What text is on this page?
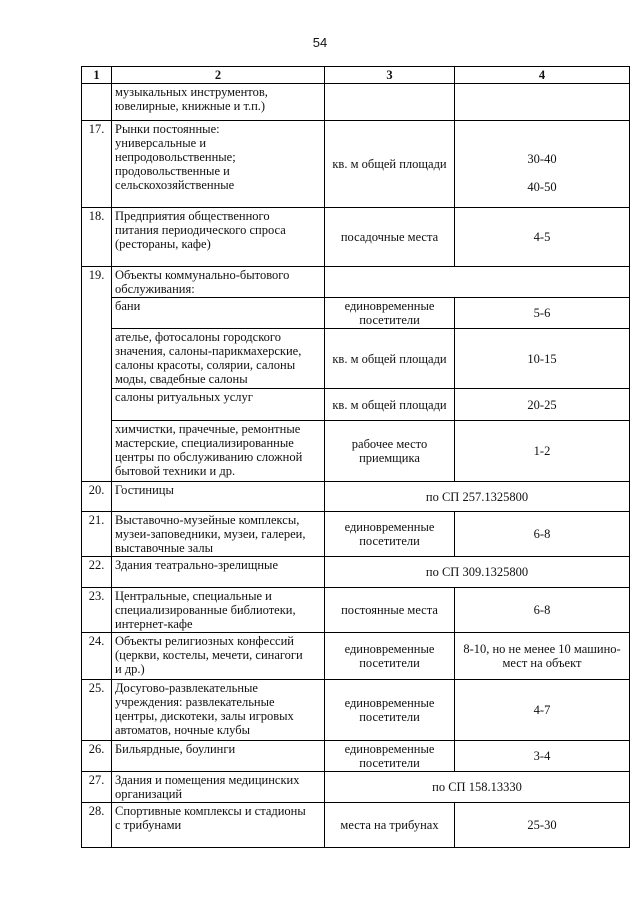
54
1	2	3	4
	музыкальных инструментов,
ювелирные, книжные и т.п.)		
17.	Рынки постоянные:
универсальные и
непродовольственные;
продовольственные и
сельскохозяйственные	кв. м общей площади	30-40
40-50

18.	Предприятия общественного
питания периодического спроса
(рестораны, кафе)	посадочные места	4-5
19.	Объекты коммунально-бытового
обслуживания:		
	бани	единовременные посетители	5-6
	ателье, фотосалоны городского
значения, салоны-парикмахерские,
салоны красоты, солярии, салоны
моды, свадебные салоны	кв. м общей площади	10-15
	салоны ритуальных услуг	кв. м общей площади	20-25
	химчистки, прачечные, ремонтные
мастерские, специализированные
центры по обслуживанию сложной
бытовой техники и др.	рабочее место приемщика	1-2
20.	Гостиницы	по СП 257.1325800	
21.	Выставочно-музейные комплексы,
музеи-заповедники, музеи, галереи,
выставочные залы	единовременные посетители	6-8
22.	Здания театрально-зрелищные	по СП 309.1325800	
23.	Центральные, специальные и
специализированные библиотеки,
интернет-кафе	постоянные места	6-8
24.	Объекты религиозных конфессий
(церкви, костелы, мечети, синагоги
и др.)	единовременные посетители	8-10, но не менее 10 машино-мест на объект
25.	Досугово-развлекательные
учреждения: развлекательные
центры, дискотеки, залы игровых
автоматов, ночные клубы	единовременные посетители	4-7
26.	Бильярдные, боулинги	единовременные посетители	3-4
27.	Здания и помещения медицинских
организаций	по СП 158.13330	
28.	Спортивные комплексы и стадионы
с трибунами	места на трибунах	25-30
